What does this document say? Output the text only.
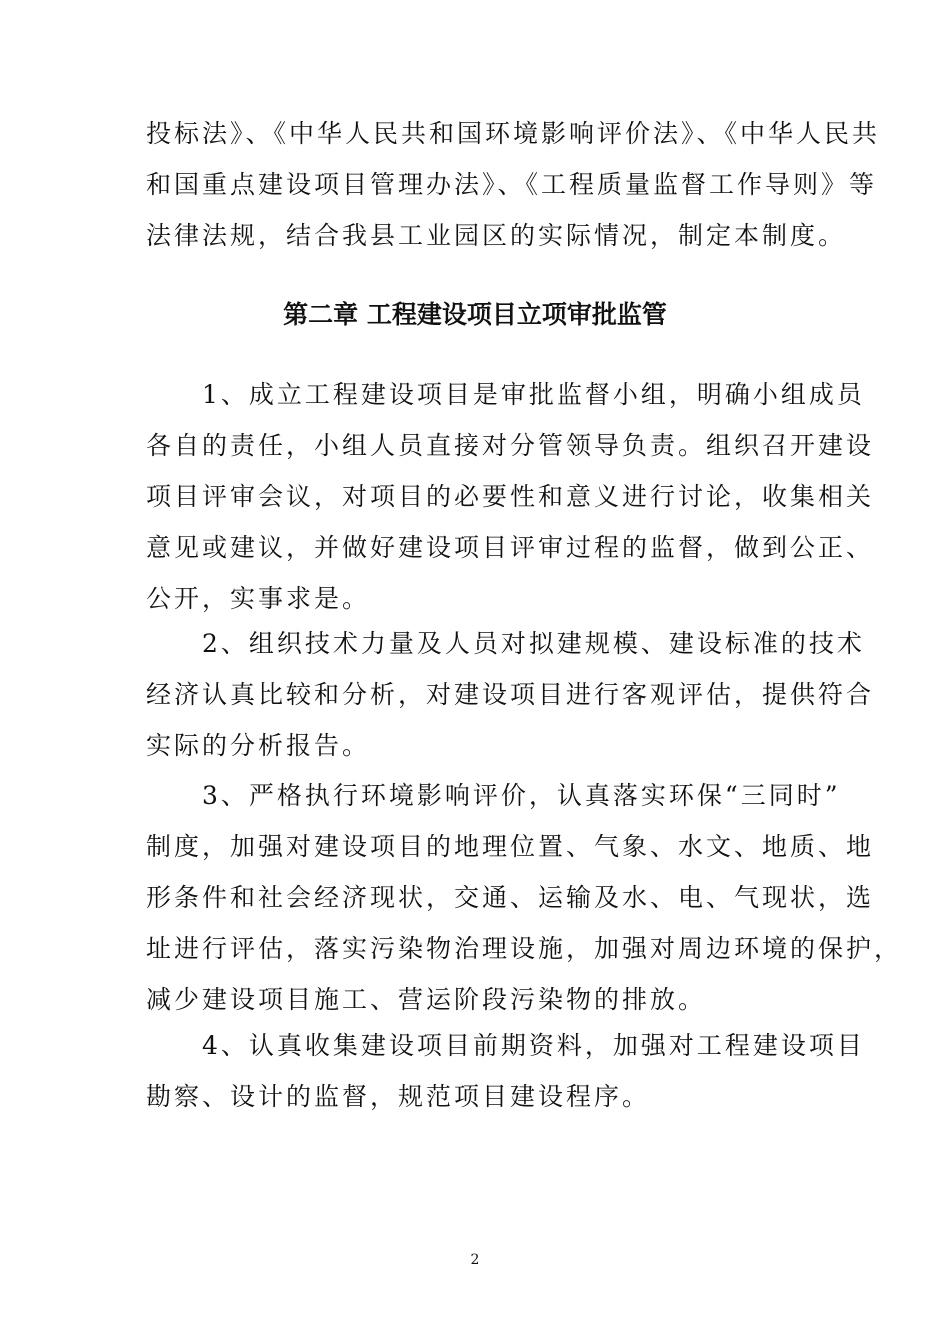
投标法》、《中华人民共和国环境影响评价法》、《中华人民共
和国重点建设项目管理办法》、《工程质量监督工作导则》等
法律法规，结合我县工业园区的实际情况，制定本制度。
第二章 工程建设项目立项审批监管
1、成立工程建设项目是审批监督小组，明确小组成员
各自的责任，小组人员直接对分管领导负责。组织召开建设
项目评审会议，对项目的必要性和意义进行讨论，收集相关
意见或建议，并做好建设项目评审过程的监督，做到公正、
公开，实事求是。
2、组织技术力量及人员对拟建规模、建设标准的技术
经济认真比较和分析，对建设项目进行客观评估，提供符合
实际的分析报告。
3、严格执行环境影响评价，认真落实环保“三同时”
制度，加强对建设项目的地理位置、气象、水文、地质、地
形条件和社会经济现状，交通、运输及水、电、气现状，选
址进行评估，落实污染物治理设施，加强对周边环境的保护，
减少建设项目施工、营运阶段污染物的排放。
4、认真收集建设项目前期资料，加强对工程建设项目
勘察、设计的监督，规范项目建设程序。
2
